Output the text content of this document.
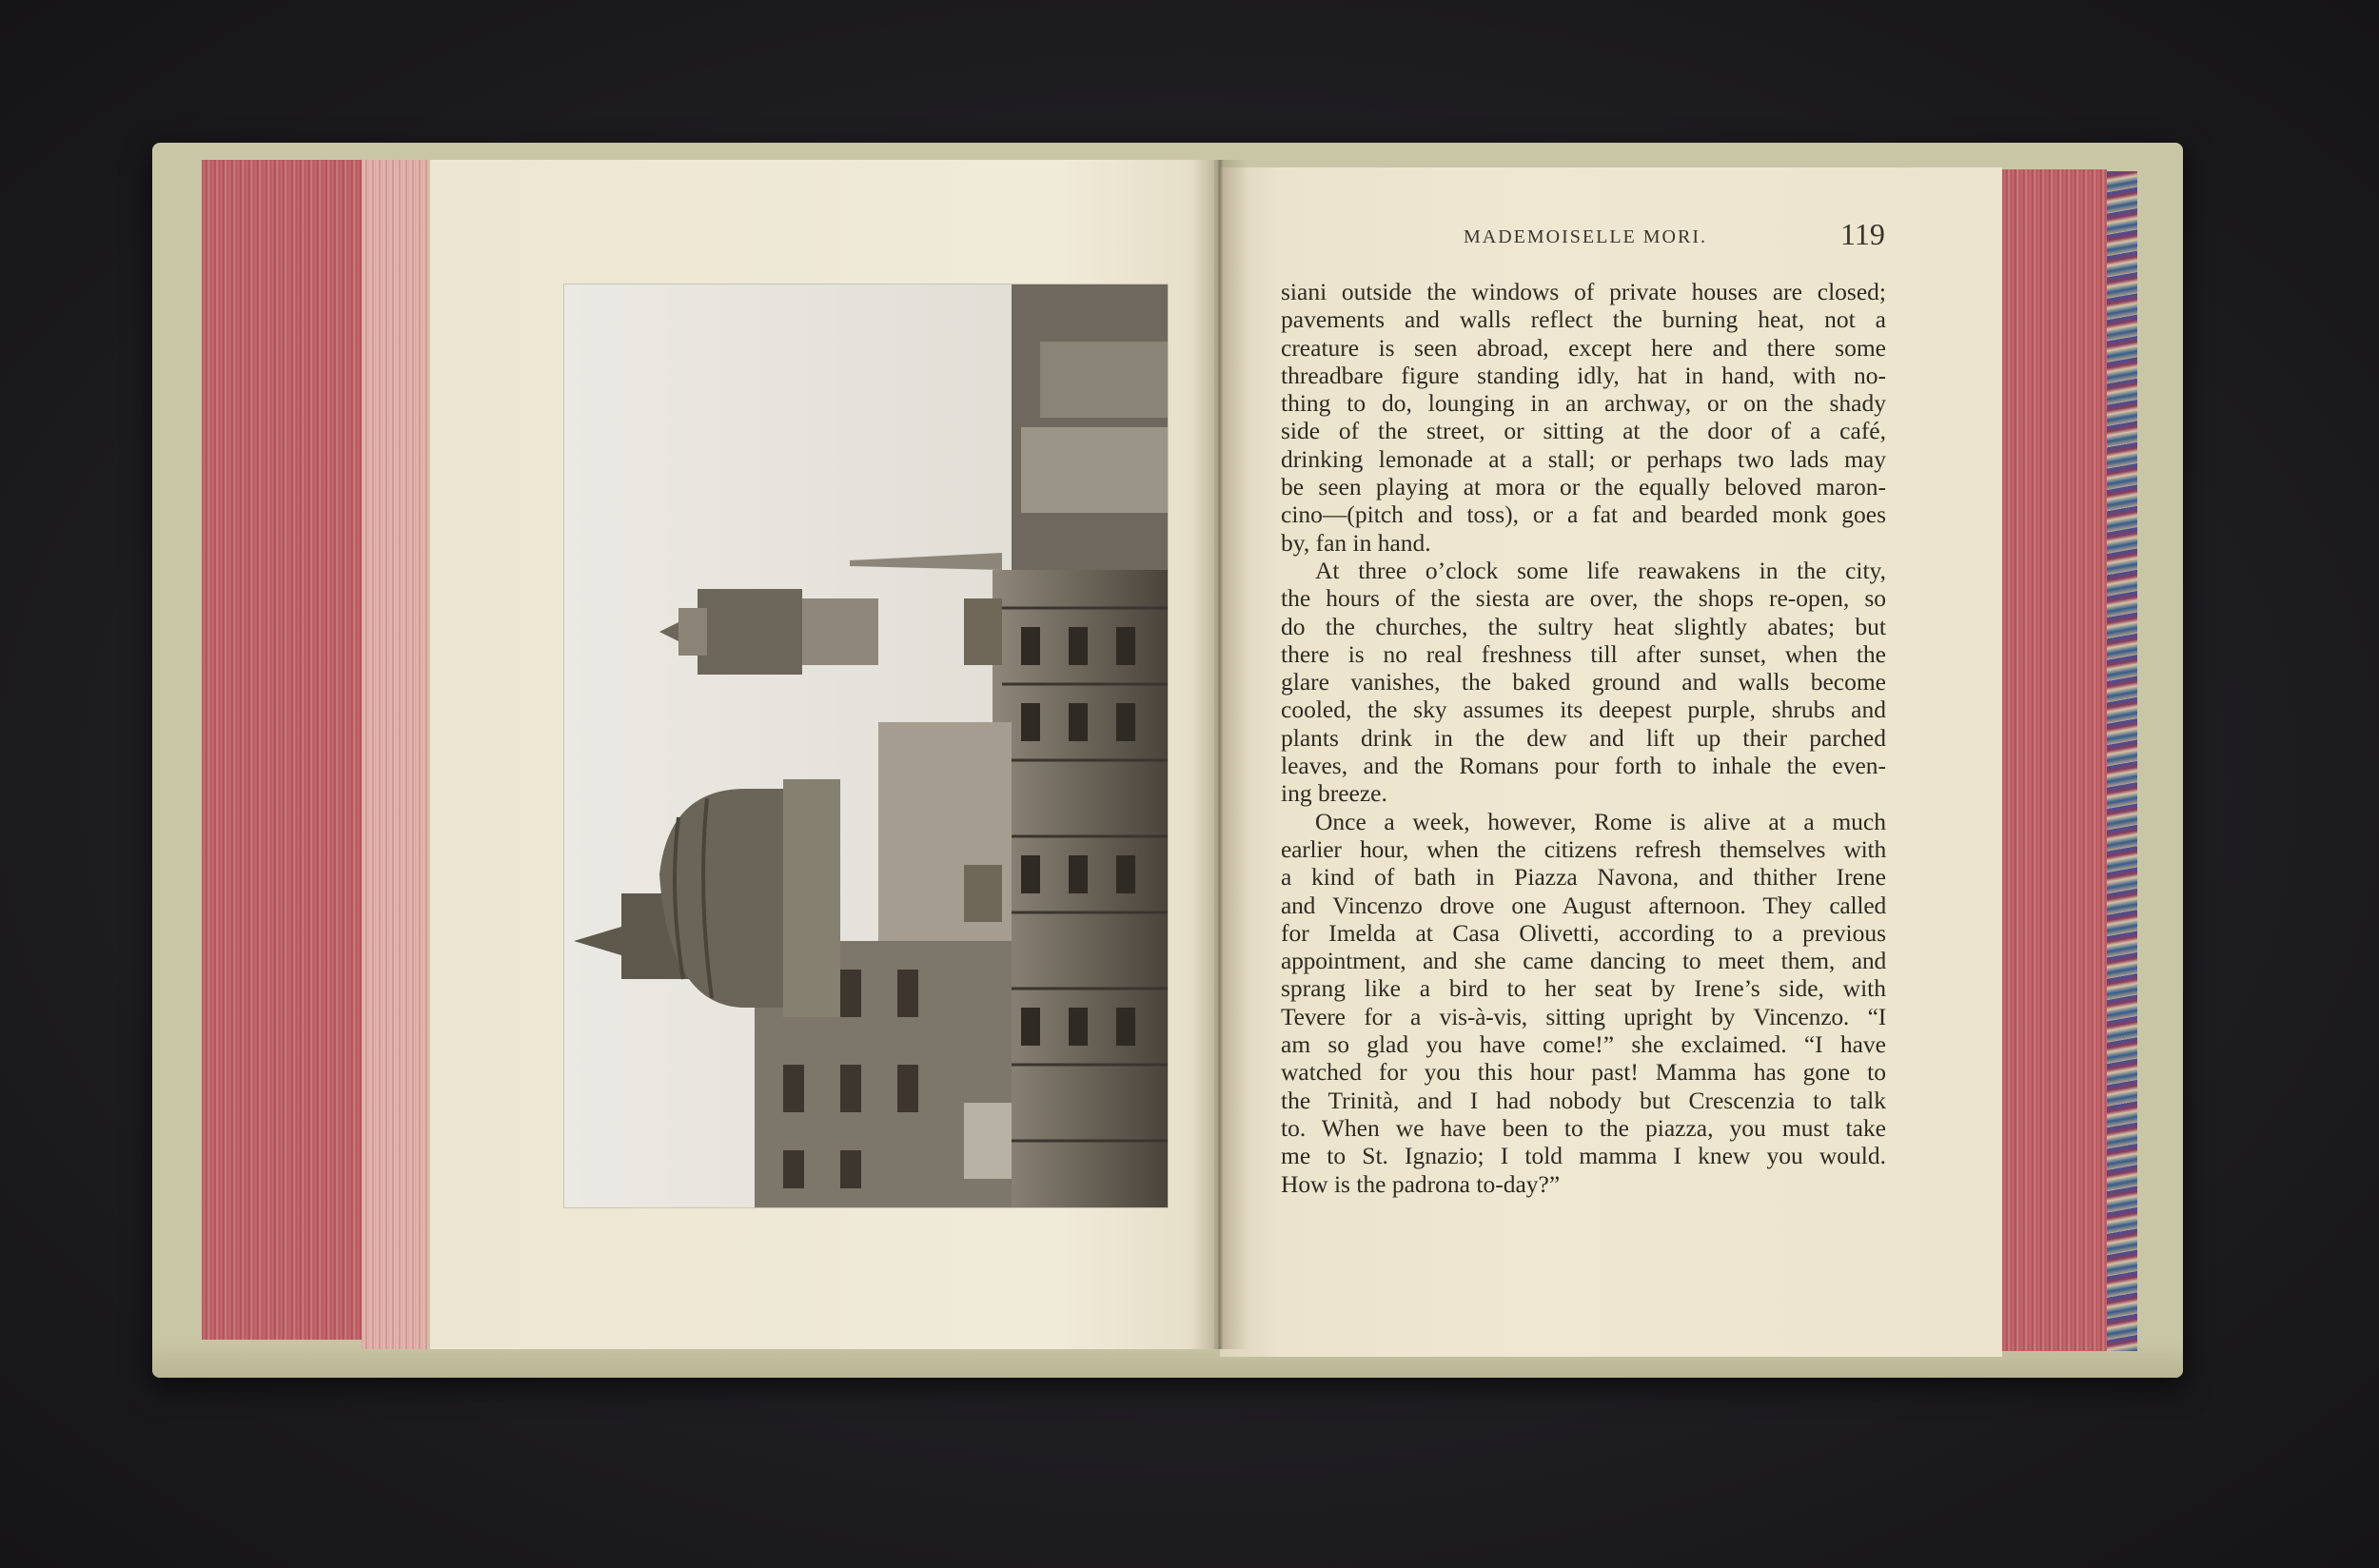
MADEMOISELLE MORI.	119
siani outside the windows of private houses are closed;
pavements and walls reflect the burning heat, not a
creature is seen abroad, except here and there some
threadbare figure standing idly, hat in hand, with no-
thing to do, lounging in an archway, or on the shady
side of the street, or sitting at the door of a café,
drinking lemonade at a stall; or perhaps two lads may
be seen playing at mora or the equally beloved maron-
cino—(pitch and toss), or a fat and bearded monk goes
by, fan in hand.
At three o’clock some life reawakens in the city,
the hours of the siesta are over, the shops re-open, so
do the churches, the sultry heat slightly abates; but
there is no real freshness till after sunset, when the
glare vanishes, the baked ground and walls become
cooled, the sky assumes its deepest purple, shrubs and
plants drink in the dew and lift up their parched
leaves, and the Romans pour forth to inhale the even-
ing breeze.
Once a week, however, Rome is alive at a much
earlier hour, when the citizens refresh themselves with
a kind of bath in Piazza Navona, and thither Irene
and Vincenzo drove one August afternoon. They called
for Imelda at Casa Olivetti, according to a previous
appointment, and she came dancing to meet them, and
sprang like a bird to her seat by Irene’s side, with
Tevere for a vis-à-vis, sitting upright by Vincenzo. “I
am so glad you have come!” she exclaimed. “I have
watched for you this hour past! Mamma has gone to
the Trinità, and I had nobody but Crescenzia to talk
to. When we have been to the piazza, you must take
me to St. Ignazio; I told mamma I knew you would.
How is the padrona to-day?”
